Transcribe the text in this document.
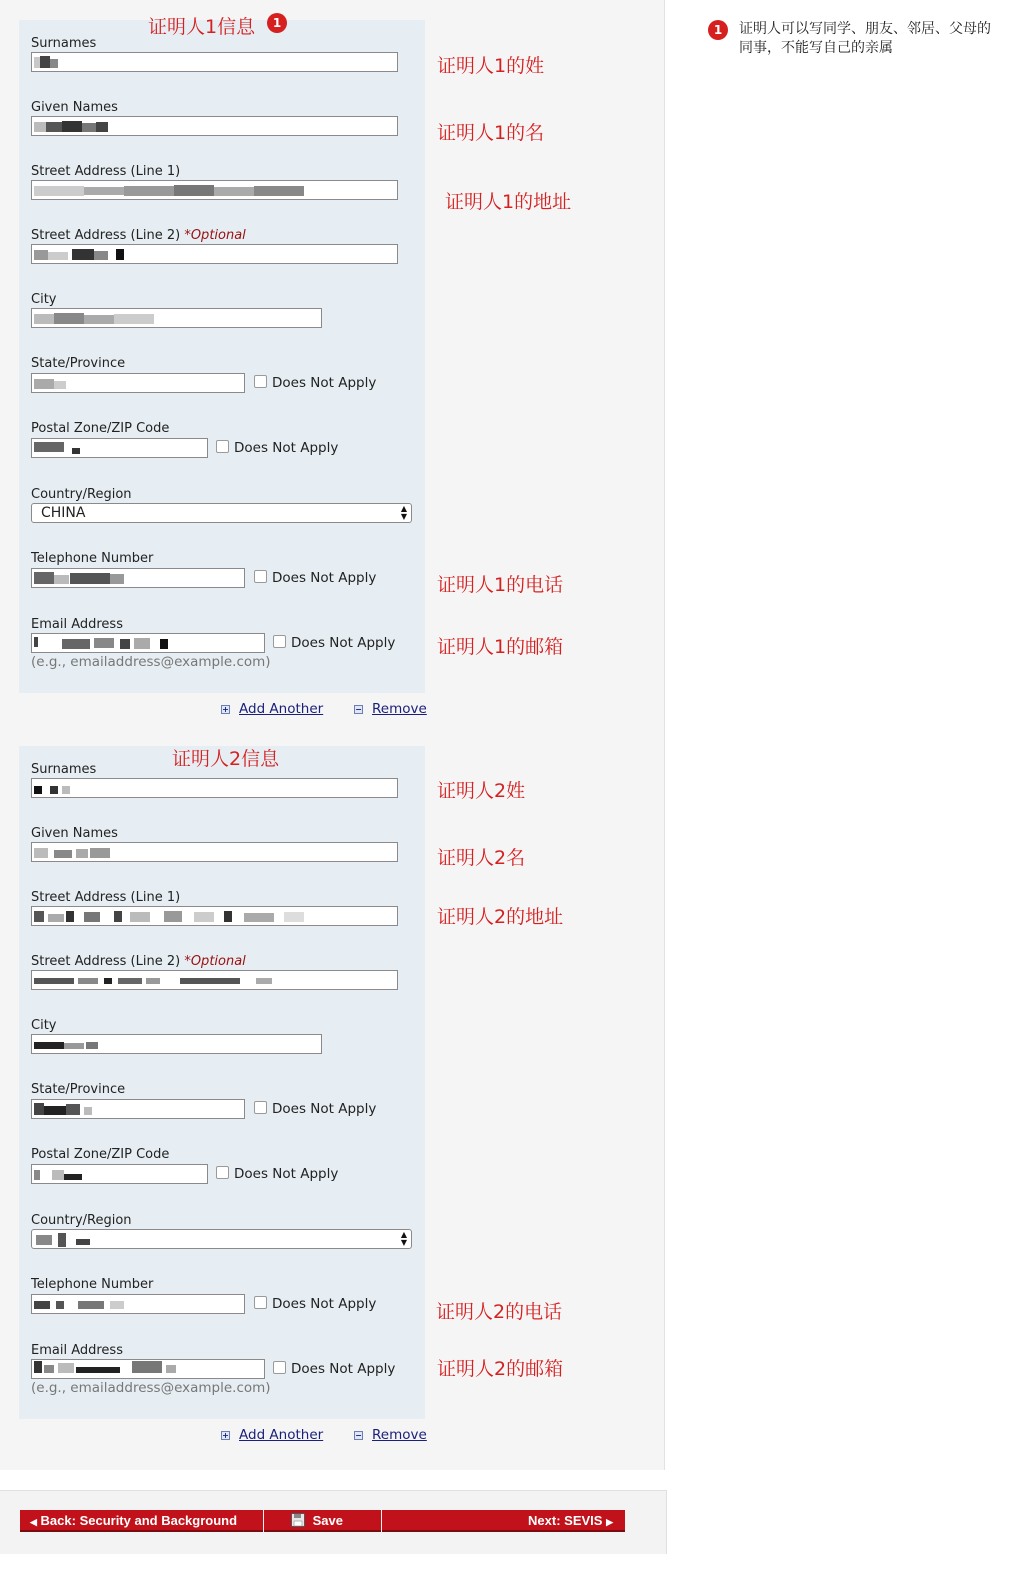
证明人1信息	1
Surnames
证明人1的姓
Given Names
证明人1的名
Street Address (Line 1)
证明人1的地址
Street Address (Line 2) *Optional
City
State/Province
Does Not Apply
Postal Zone/ZIP Code
Does Not Apply
Country/Region
CHINA	▲
▼
Telephone Number
Does Not Apply	证明人1的电话
Email Address
Does Not Apply
(e.g., emailaddress@example.com)
证明人1的邮箱
+ Add Another	− Remove
证明人2信息
Surnames
证明人2姓
Given Names
证明人2名
Street Address (Line 1)
证明人2的地址
Street Address (Line 2) *Optional
City
State/Province
Does Not Apply
Postal Zone/ZIP Code
Does Not Apply
Country/Region
▲
▼
Telephone Number
Does Not Apply	证明人2的电话
Email Address
Does Not Apply
(e.g., emailaddress@example.com)
证明人2的邮箱
+ Add Another	− Remove
1	证明人可以写同学、朋友、邻居、父母的同事，不能写自己的亲属
◀ Back: Security and Background	Save	Next: SEVIS ▶
